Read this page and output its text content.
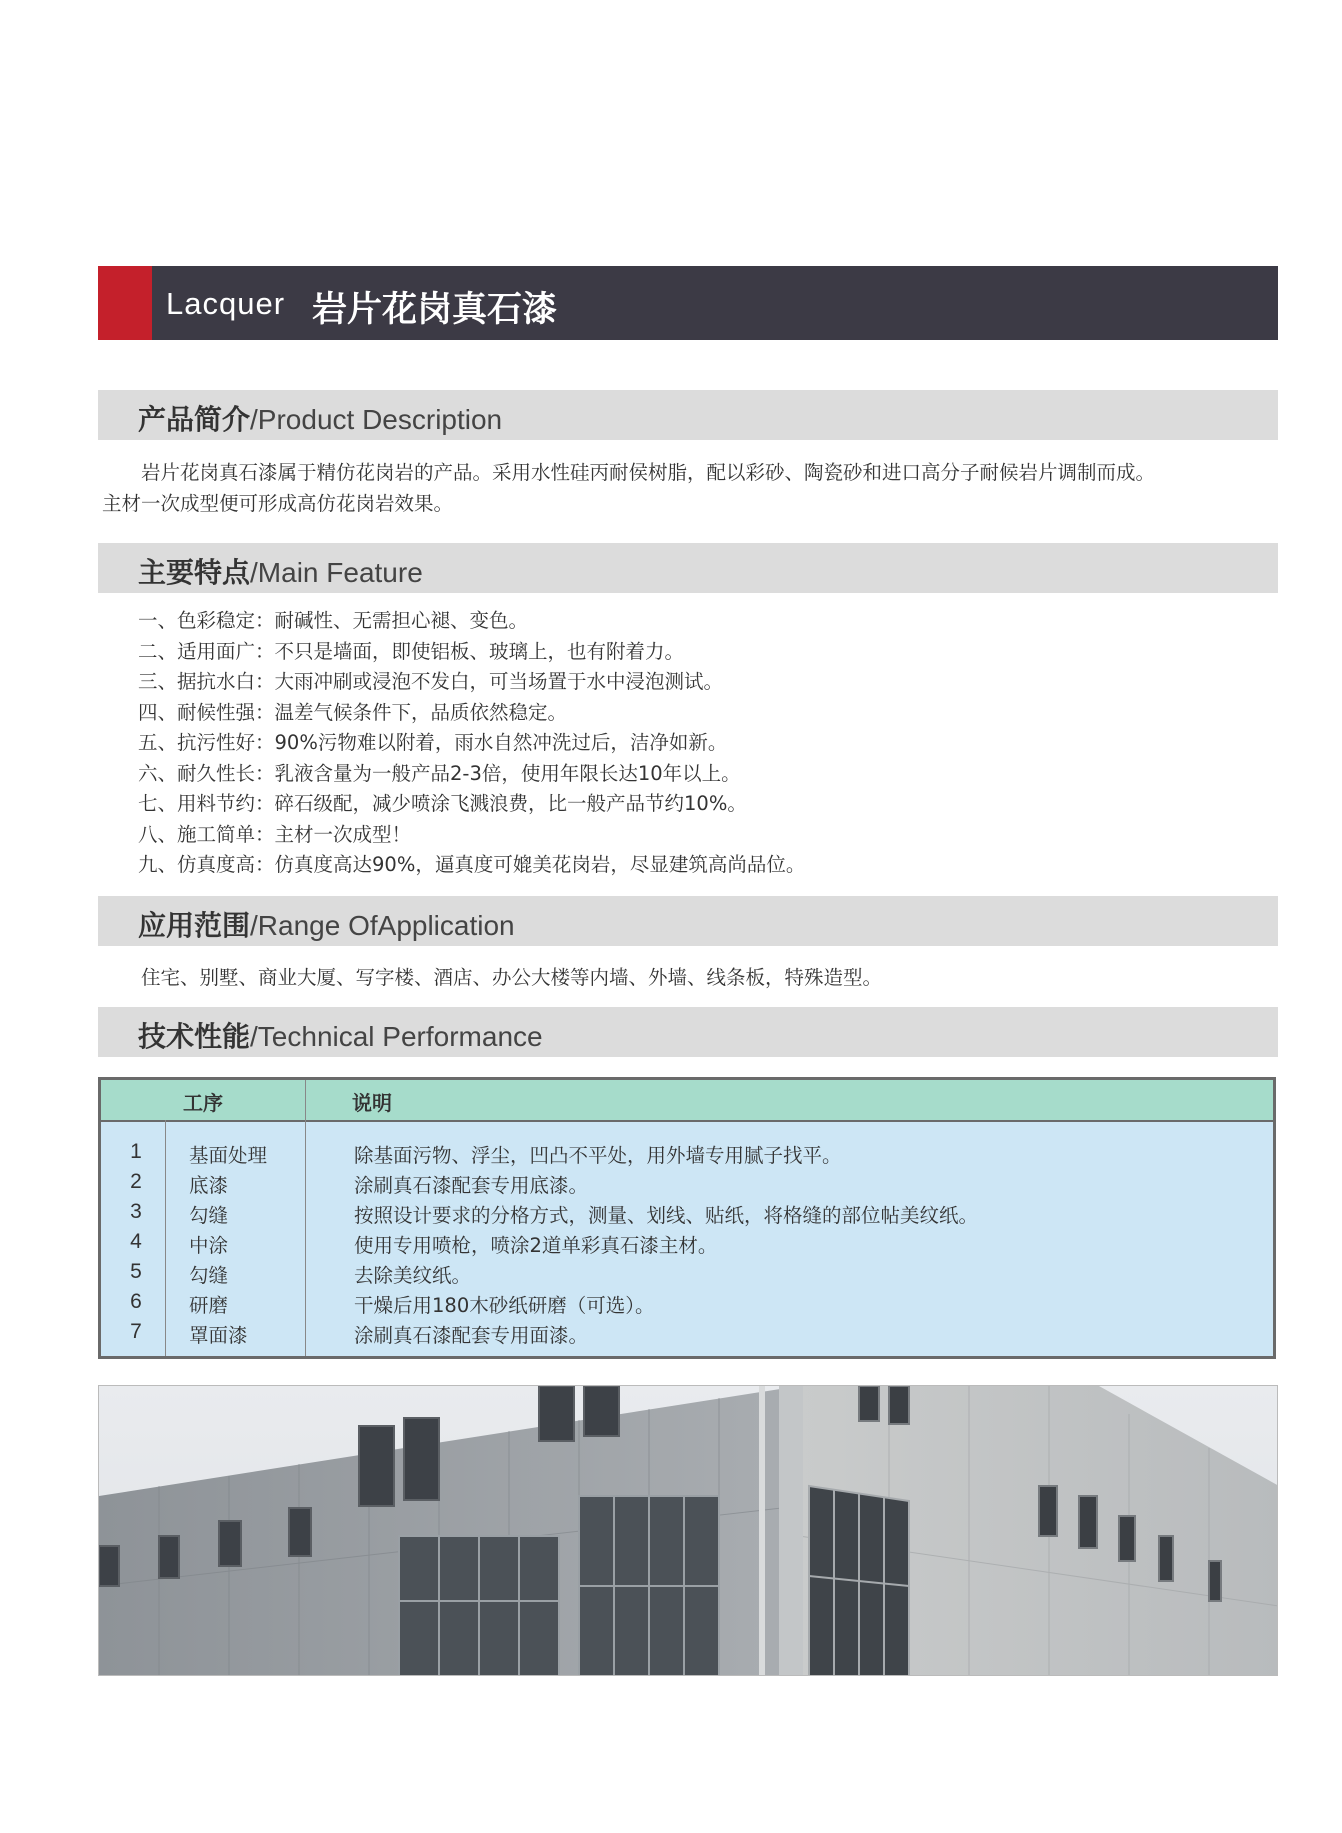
Lacquer 岩片花岗真石漆
产品简介/Product Description
岩片花岗真石漆属于精仿花岗岩的产品。采用水性硅丙耐侯树脂，配以彩砂、陶瓷砂和进口高分子耐候岩片调制而成。
主材一次成型便可形成高仿花岗岩效果。
主要特点/Main Feature
一、色彩稳定：耐碱性、无需担心褪、变色。
二、适用面广：不只是墙面，即使铝板、玻璃上，也有附着力。
三、据抗水白：大雨冲刷或浸泡不发白，可当场置于水中浸泡测试。
四、耐候性强：温差气候条件下，品质依然稳定。
五、抗污性好：90%污物难以附着，雨水自然冲洗过后，洁净如新。
六、耐久性长：乳液含量为一般产品2-3倍，使用年限长达10年以上。
七、用料节约：碎石级配，减少喷涂飞溅浪费，比一般产品节约10%。
八、施工简单：主材一次成型！
九、仿真度高：仿真度高达90%，逼真度可媲美花岗岩，尽显建筑高尚品位。
应用范围/Range OfApplication
住宅、别墅、商业大厦、写字楼、酒店、办公大楼等内墙、外墙、线条板，特殊造型。
技术性能/Technical Performance
工序	说明
1	基面处理	除基面污物、浮尘，凹凸不平处，用外墙专用腻子找平。
2	底漆	涂刷真石漆配套专用底漆。
3	勾缝	按照设计要求的分格方式，测量、划线、贴纸，将格缝的部位帖美纹纸。
4	中涂	使用专用喷枪，喷涂2道单彩真石漆主材。
5	勾缝	去除美纹纸。
6	研磨	干燥后用180木砂纸研磨（可选）。
7	罩面漆	涂刷真石漆配套专用面漆。
